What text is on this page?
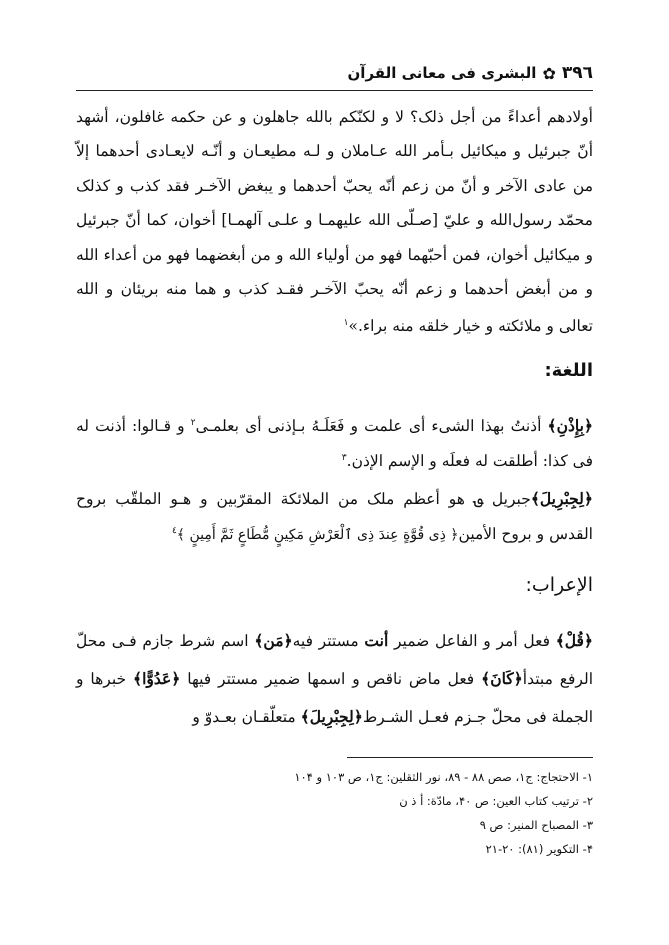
٣٩٦
✿
البشری فی معانی القرآن
أولادهم أعداءً من أجل ذلک؟ لا و لکنّکم بالله جاهلون و عن حکمه غافلون، أشهد أنّ جبرئیل و میکائیل بـأمر الله عـاملان و لـه مطیعـان و أنّـه لایعـادی أحدهما إلاّ من عادی الآخر و أنّ من زعم أنّه یحبّ أحدهما و یبغض الآخـر فقد کذب و کذلک محمّد رسول‌الله و عليّ [صـلّی الله علیهمـا و علـی آلهمـا] أخوان، کما أنّ جبرئیل و میکائیل أخوان، فمن أحبّهما فهو من أولیاء الله و من أبغضهما فهو من أعداء الله و من أبغض أحدهما و زعم أنّه یحبّ الآخـر فقـد کذب و هما منه بریئان و الله تعالی و ملائکته و خیار خلقه منه براء.»$^١$
اللغة:
﴿بِإِذْنِ﴾ أذنتُ بهذا الشیء أی علمت و فَعَلَـهُ بـإذنی أی بعلمـی$^٢$ و قـالوا: أذنت له فی کذا: أطلقت له فعلَه و الإسم الإذن.$^٣$
﴿لِجِبْرِیلَ﴾جبریل ؈ هو أعظم ملک من الملائکة المقرّبین و هـو الملقّب بروح القدس و بروح الأمین﴿ ذِی قُوَّةٍ عِندَ ذِی ٱلْعَرْشِ مَکِینٍ مُّطَاعٍ ثَمَّ أَمِینٍ ﴾$^٤$
الإعراب:
﴿قُلْ﴾ فعل أمر و الفاعل ضمیر أنت مستتر فیه﴿مَن﴾ اسم شرط جازم فـی محلّ الرفع مبتدأ﴿کَانَ﴾ فعل ماض ناقص و اسمها ضمیر مستتر فیها ﴿عَدُوًّا﴾ خبرها و الجملة فی محلّ جـزم فعـل الشـرط﴿لِجِبْرِیلَ﴾ متعلّقـان بعـدوّ و
١- الاحتجاج: ج١، صص ٨٨ - ٨٩، نور الثقلین: ج١، ص ١٠٣ و ١٠۴
٢- ترتیب کتاب العین: ص ۴٠، مادّة: أ ذ ن
٣- المصباح المنیر: ص ٩
۴- التکویر (٨١): ٢٠-٢١
